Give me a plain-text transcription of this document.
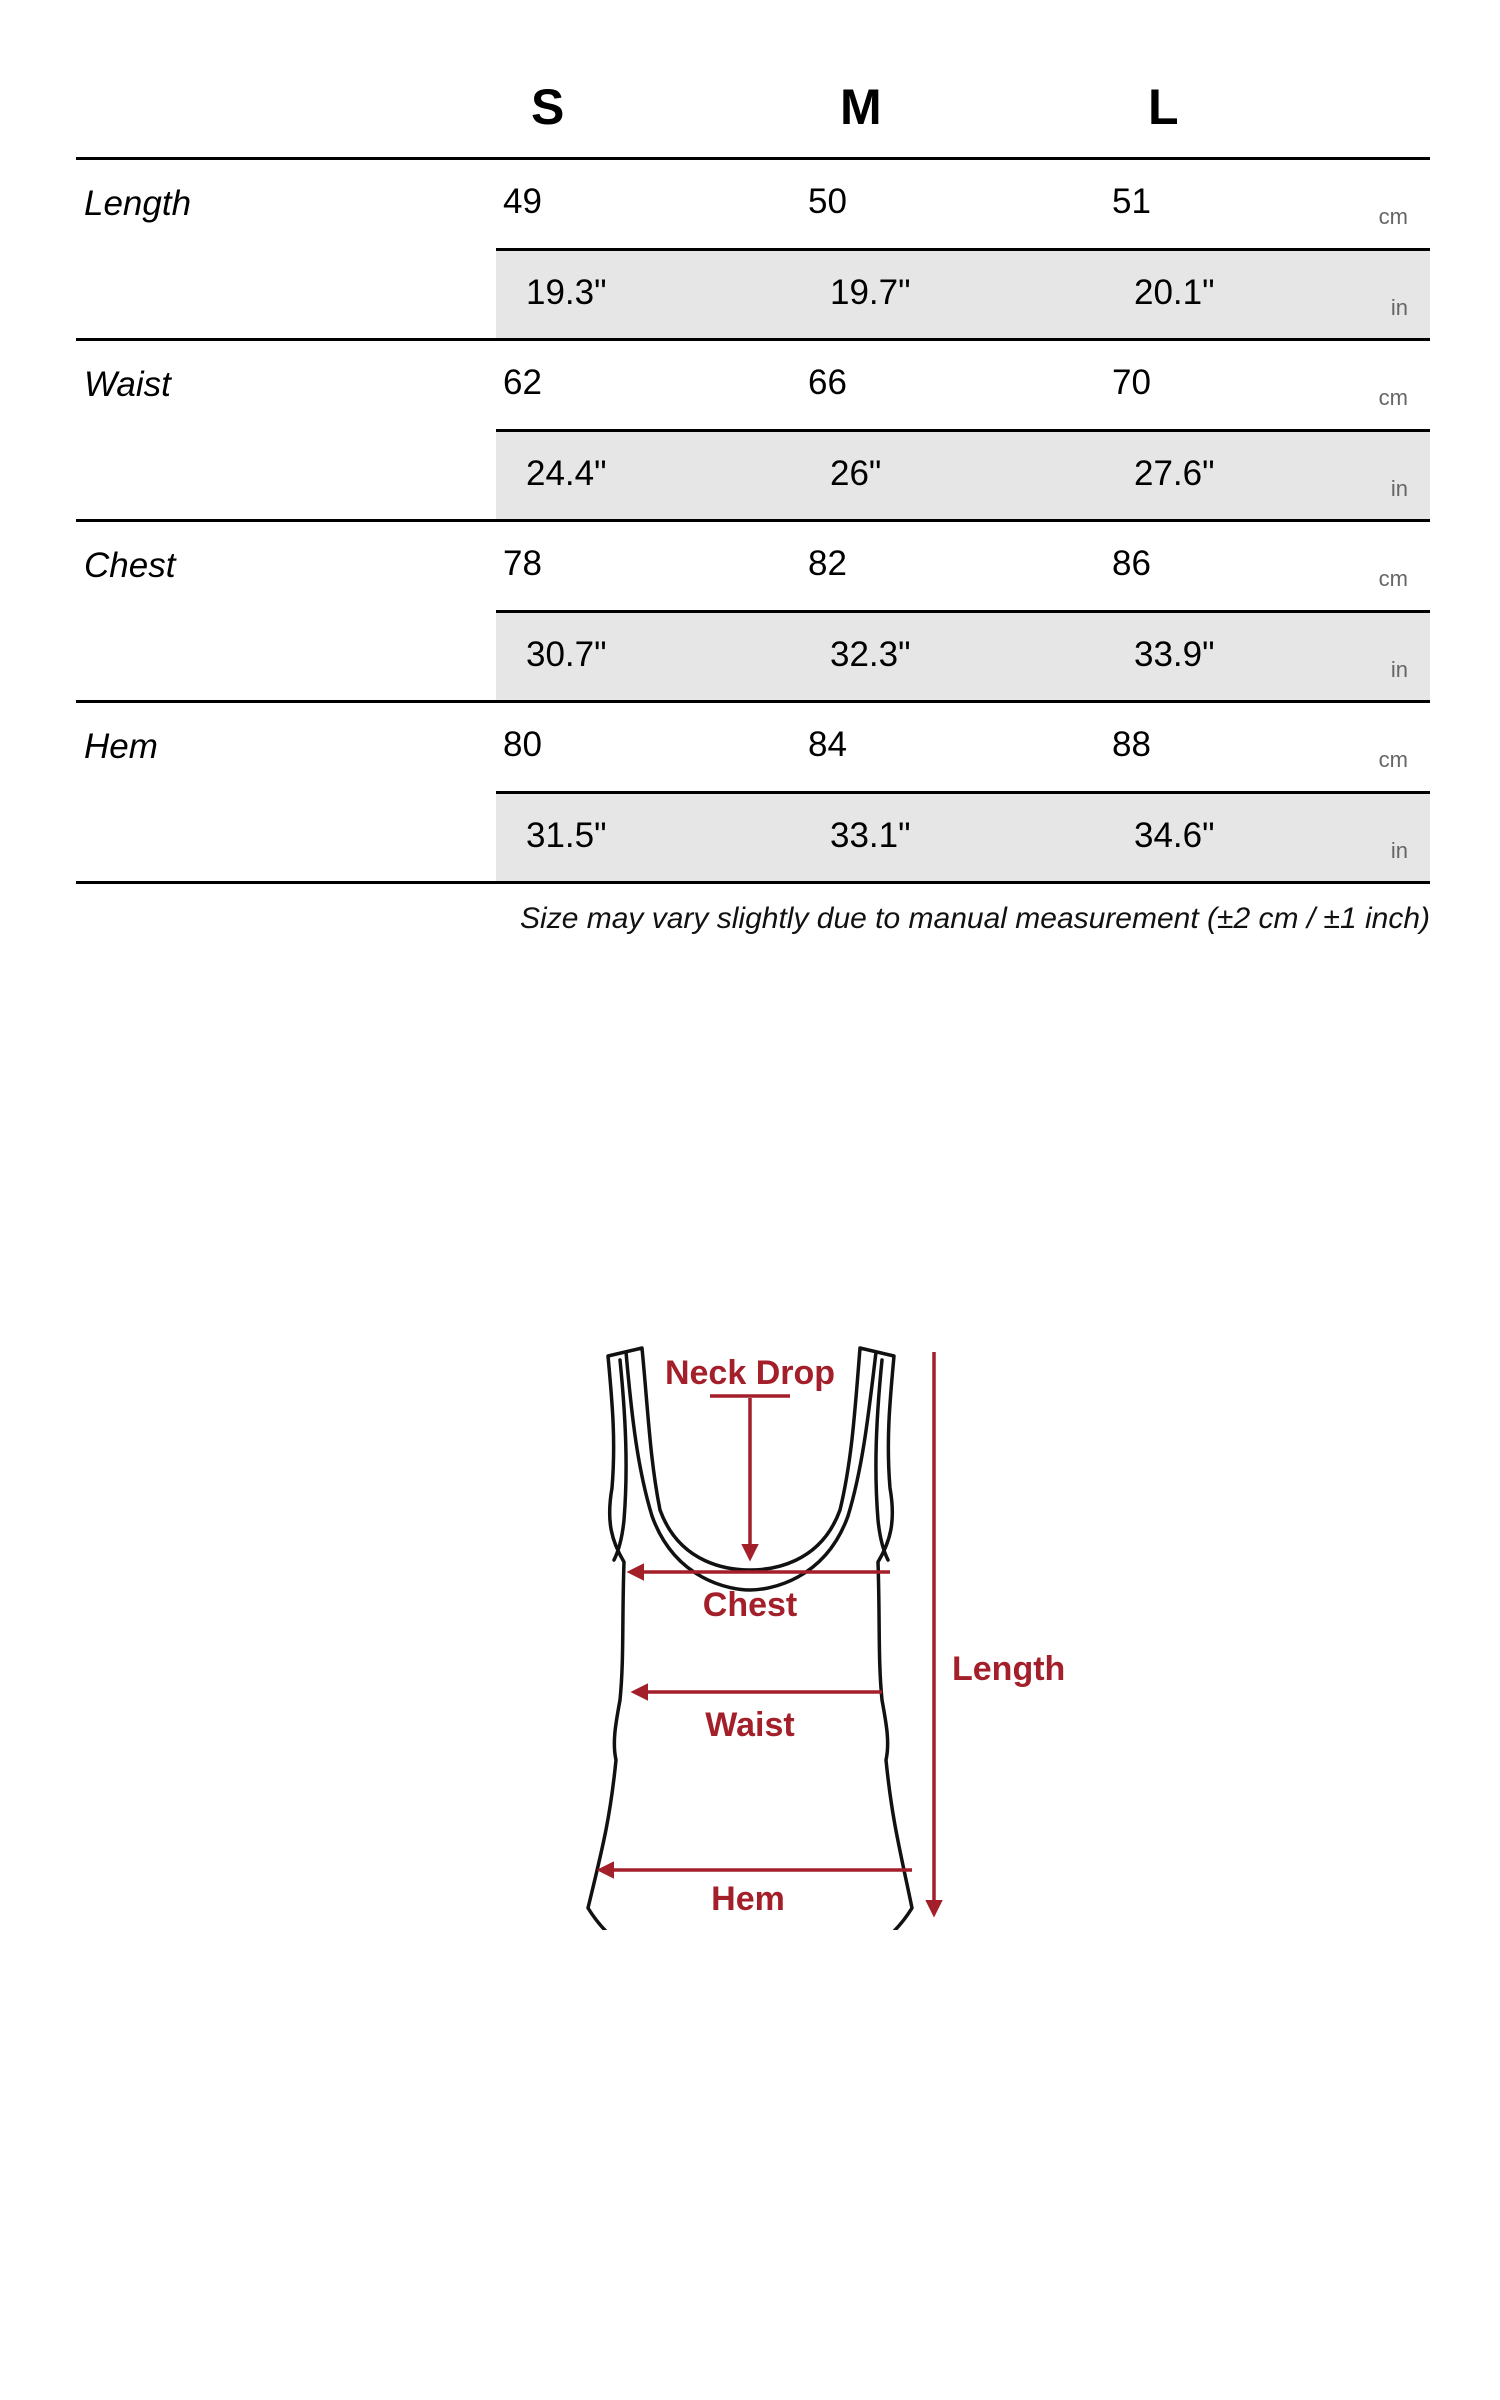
S	M	L
Length	49	50	51	cm
19.3"	19.7"	20.1"	in
Waist	62	66	70	cm
24.4"	26"	27.6"	in
Chest	78	82	86	cm
30.7"	32.3"	33.9"	in
Hem	80	84	88	cm
31.5"	33.1"	34.6"	in
Size may vary slightly due to manual measurement (±2 cm / ±1 inch)
Neck Drop
Chest
Waist
Hem
Length
